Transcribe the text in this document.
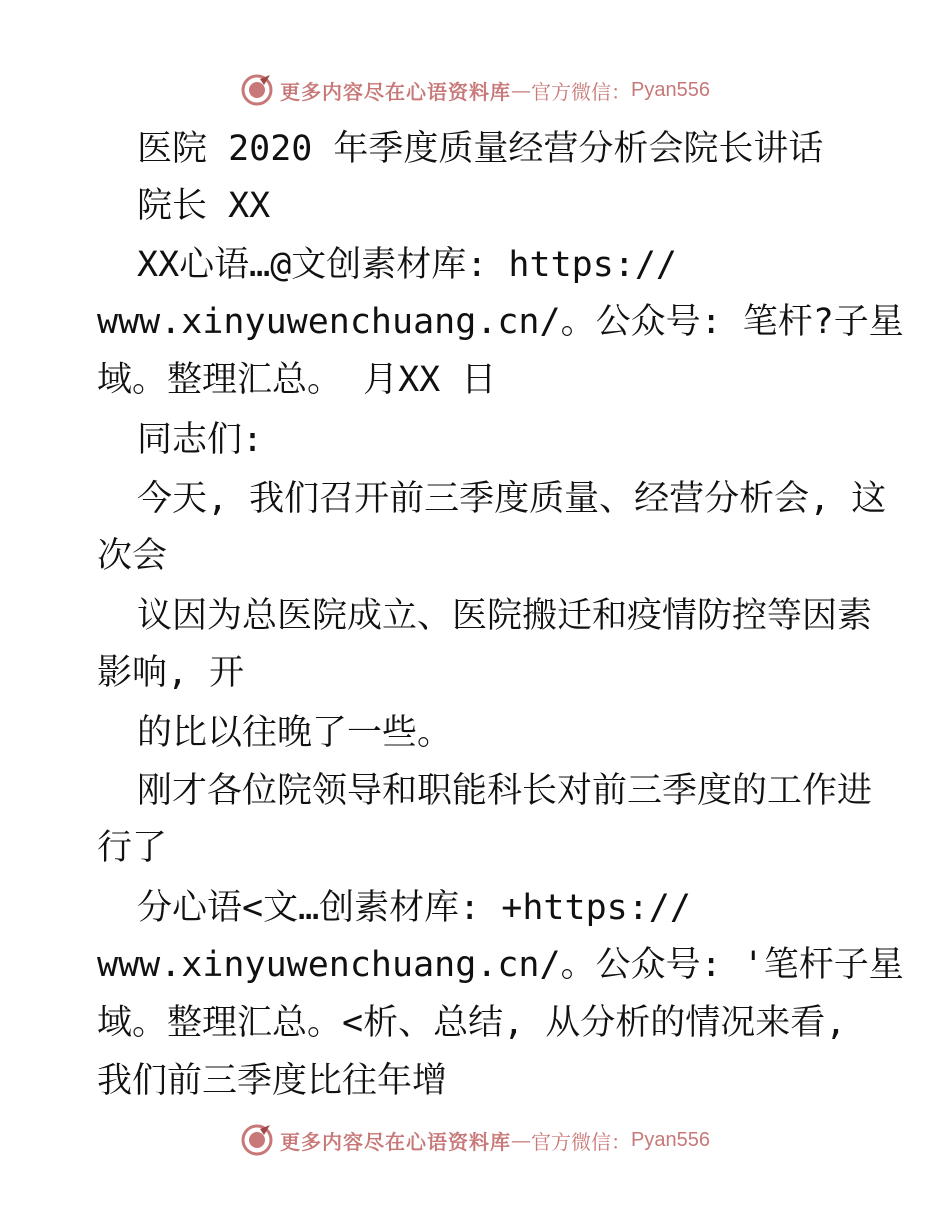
更多内容尽在心语资料库 — 官方微信： Pyan556
医院 2020 年季度质量经营分析会院长讲话
院长 XX
XX心语…@文创素材库: https://
www.xinyuwenchuang.cn/。公众号: 笔杆?子星
域。整理汇总。 月XX 日
同志们:
今天, 我们召开前三季度质量、经营分析会, 这
次会
议因为总医院成立、医院搬迁和疫情防控等因素
影响, 开
的比以往晚了一些。
刚才各位院领导和职能科长对前三季度的工作进
行了
分心语<文…创素材库: +https://
www.xinyuwenchuang.cn/。公众号: '笔杆子星
域。整理汇总。<析、总结, 从分析的情况来看,
我们前三季度比往年增
更多内容尽在心语资料库 — 官方微信： Pyan556
